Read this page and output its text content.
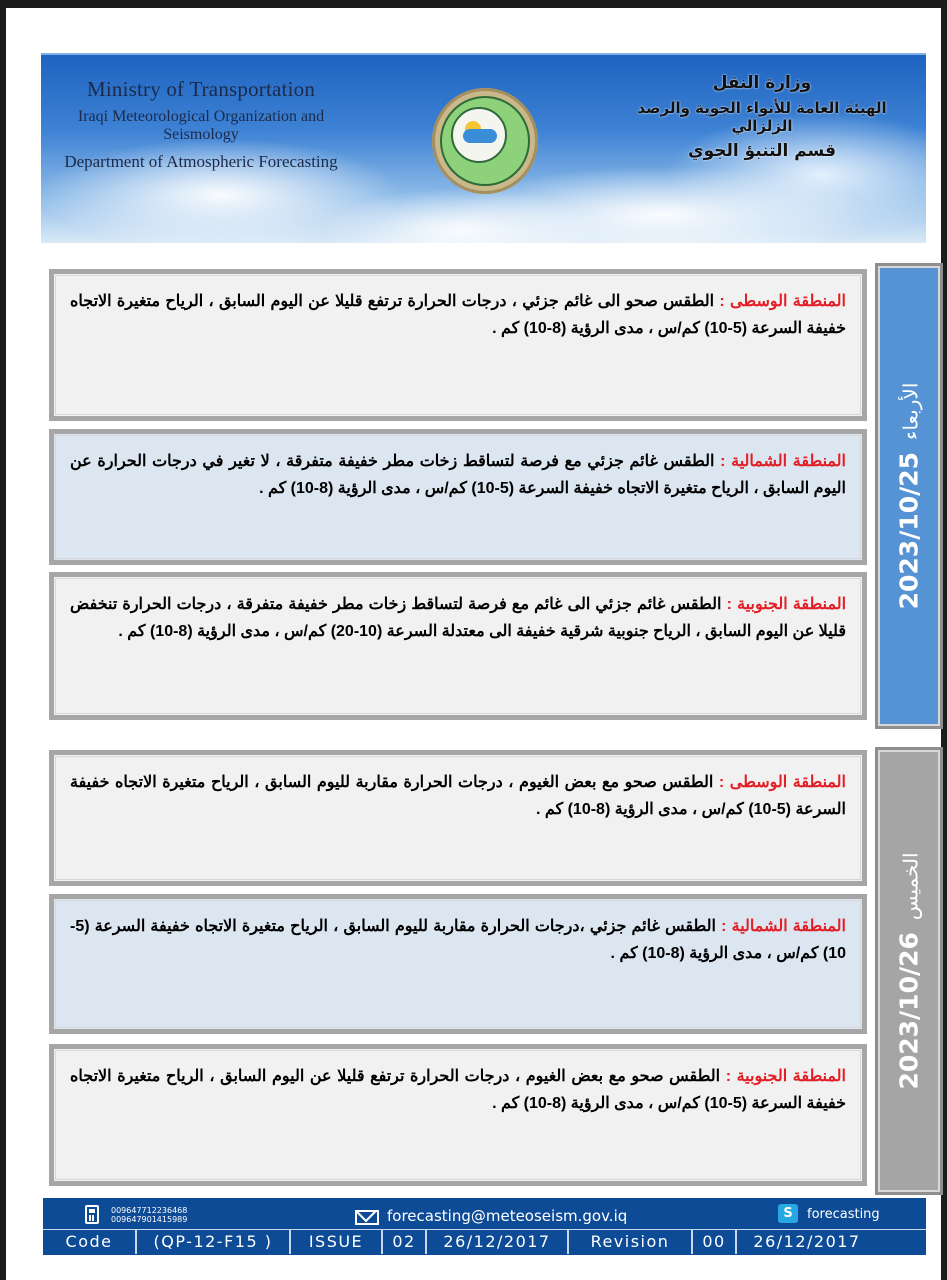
Ministry of Transportation
Iraqi Meteorological Organization and Seismology
Department of Atmospheric Forecasting
وزارة النقل
الهيئة العامة للأنواء الجوية والرصد الزلزالي
قسم التنبؤ الجوي
المنطقة الوسطى : الطقس صحو الى غائم جزئي ، درجات الحرارة ترتفع قليلا عن اليوم السابق ، الرياح متغيرة الاتجاه خفيفة السرعة (5-10) كم/س ، مدى الرؤية (8-10) كم .
المنطقة الشمالية : الطقس غائم جزئي مع فرصة لتساقط زخات مطر خفيفة متفرقة ، لا تغير في درجات الحرارة عن اليوم السابق ، الرياح متغيرة الاتجاه خفيفة السرعة (5-10) كم/س ، مدى الرؤية (8-10) كم .
المنطقة الجنوبية : الطقس غائم جزئي الى غائم مع فرصة لتساقط زخات مطر خفيفة متفرقة ، درجات الحرارة تنخفض قليلا عن اليوم السابق ، الرياح جنوبية شرقية خفيفة الى معتدلة السرعة (10-20) كم/س ، مدى الرؤية (8-10) كم .
2023/10/25الأربعاء
المنطقة الوسطى : الطقس صحو مع بعض الغيوم ، درجات الحرارة مقاربة لليوم السابق ، الرياح متغيرة الاتجاه خفيفة السرعة (5-10) كم/س ، مدى الرؤية (8-10) كم .
المنطقة الشمالية : الطقس غائم جزئي ،درجات الحرارة مقاربة لليوم السابق ، الرياح متغيرة الاتجاه خفيفة السرعة (5-10) كم/س ، مدى الرؤية (8-10) كم .
المنطقة الجنوبية : الطقس صحو مع بعض الغيوم ، درجات الحرارة ترتفع قليلا عن اليوم السابق ، الرياح متغيرة الاتجاه خفيفة السرعة (5-10) كم/س ، مدى الرؤية (8-10) كم .
2023/10/26الخميس
009647712236468
009647901415989	forecasting@meteoseism.gov.iq S	forecasting
Code	(QP-12-F15 )	ISSUE	02	26/12/2017	Revision	00	26/12/2017
